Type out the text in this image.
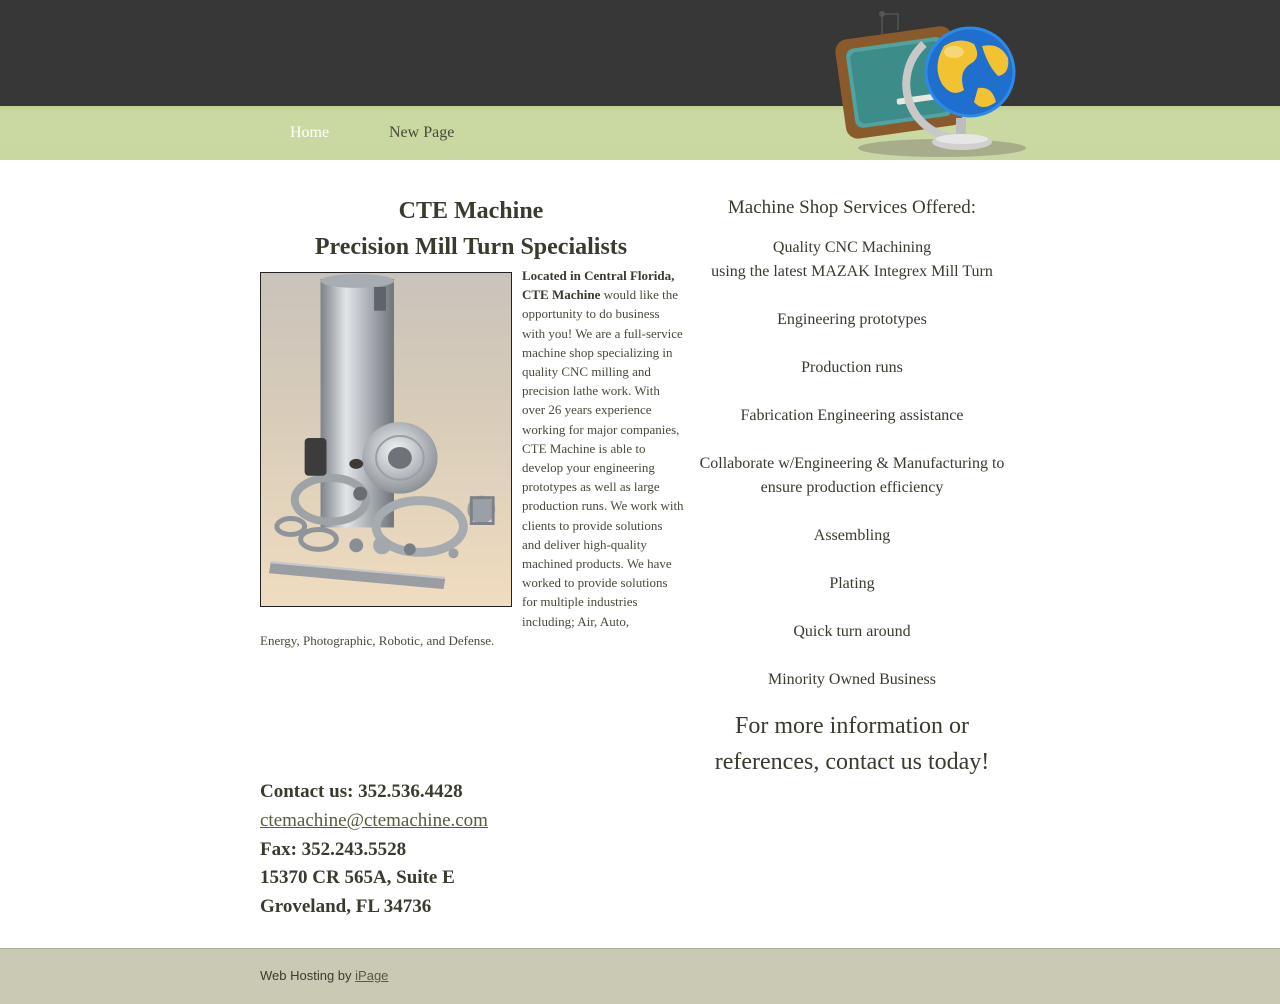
Home	New Page
CTE Machine
Precision Mill Turn Specialists
Located in Central Florida, CTE Machine would like the opportunity to do business with you! We are a full-service machine shop specializing in quality CNC milling and precision lathe work. With over 26 years experience working for major companies, CTE Machine is able to develop your engineering prototypes as well as large production runs. We work with clients to provide solutions and deliver high-quality machined products. We have worked to provide solutions for multiple industries including; Air, Auto,
Energy, Photographic, Robotic, and Defense.
Machine Shop Services Offered:
Quality CNC Machining
using the latest MAZAK Integrex Mill Turn
Engineering prototypes
Production runs
Fabrication Engineering assistance
Collaborate w/Engineering & Manufacturing to
ensure production efficiency
Assembling
Plating
Quick turn around
Minority Owned Business
For more information or
references, contact us today!
Contact us: 352.536.4428
ctemachine@ctemachine.com
Fax: 352.243.5528
15370 CR 565A, Suite E
Groveland, FL 34736
Web Hosting by iPage
